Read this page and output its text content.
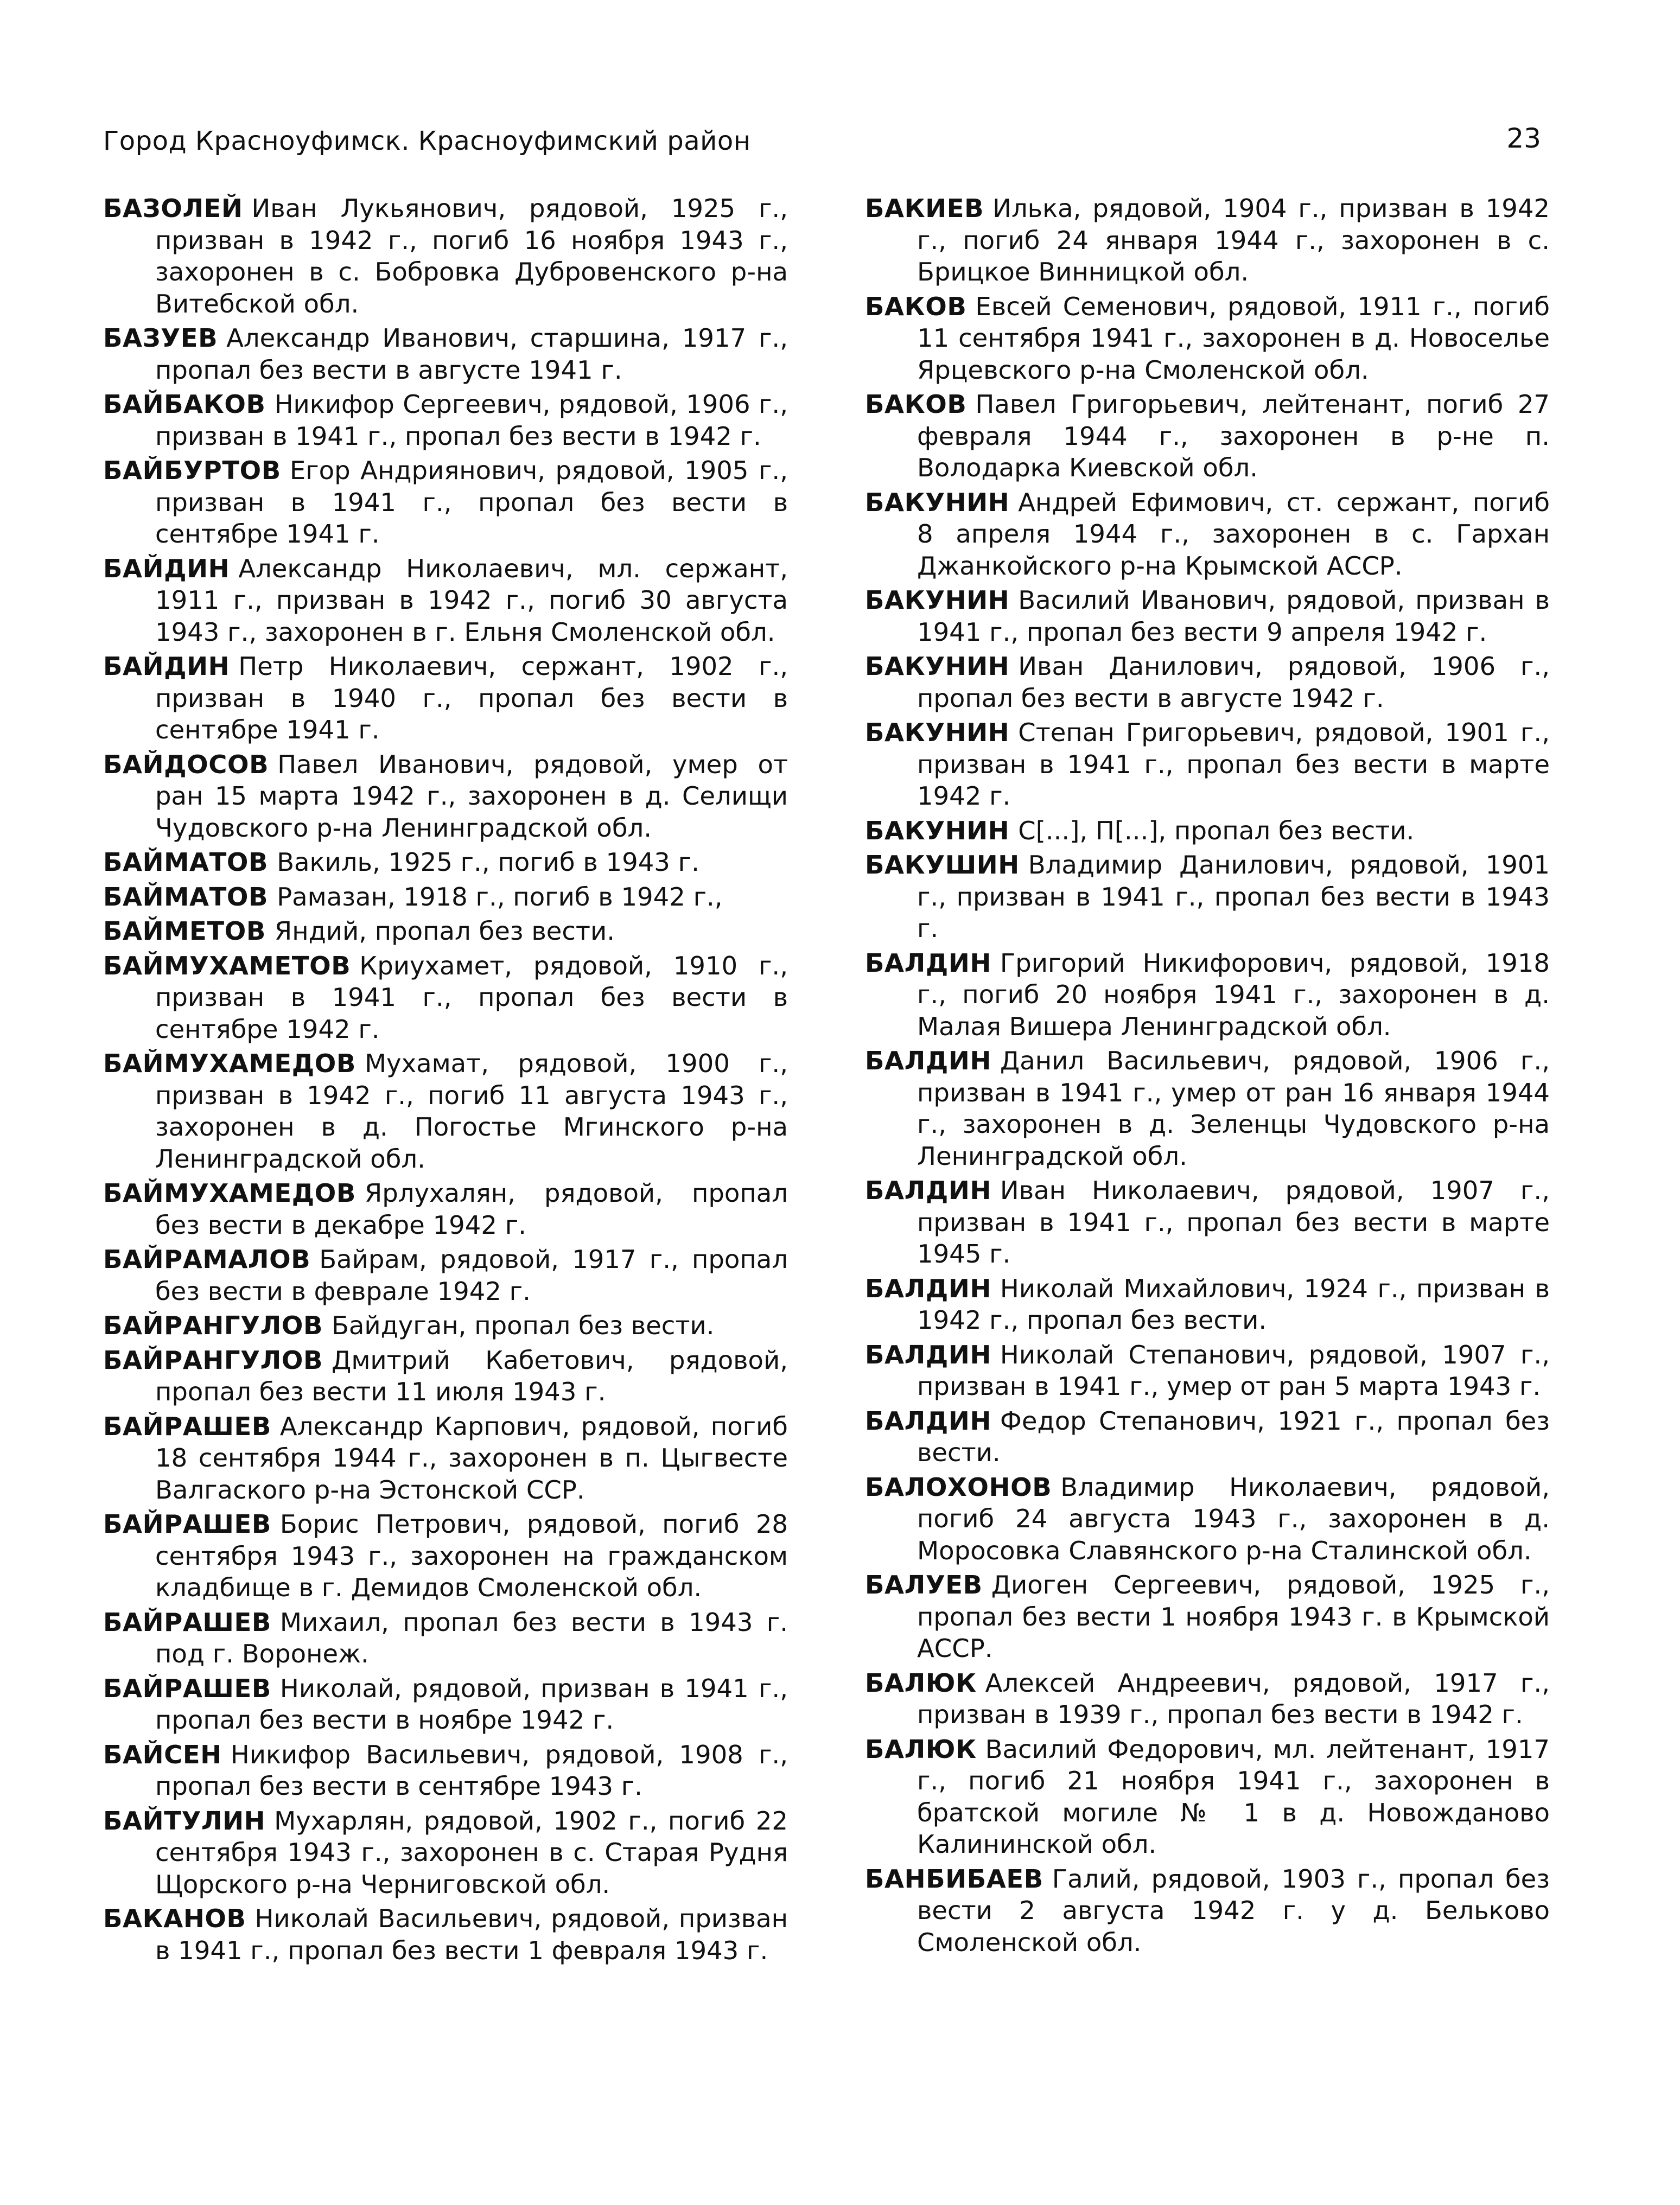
Город Красноуфимск. Красноуфимский район	23

БАЗОЛЕЙ Иван Лукьянович, рядовой, 1925 г., призван в 1942 г., погиб 16 ноября 1943 г., захоронен в с. Бобровка Дубровенского р-на Витебской обл.

БАЗУЕВ Александр Иванович, старшина, 1917 г., пропал без вести в августе 1941 г.

БАЙБАКОВ Никифор Сергеевич, рядовой, 1906 г., призван в 1941 г., пропал без вести в 1942 г.

БАЙБУРТОВ Егор Андриянович, рядовой, 1905 г., призван в 1941 г., пропал без вести в сентябре 1941 г.

БАЙДИН Александр Николаевич, мл. сержант, 1911 г., призван в 1942 г., погиб 30 августа 1943 г., захоронен в г. Ельня Смоленской обл.

БАЙДИН Петр Николаевич, сержант, 1902 г., призван в 1940 г., пропал без вести в сентябре 1941 г.

БАЙДОСОВ Павел Иванович, рядовой, умер от ран 15 марта 1942 г., захоронен в д. Селищи Чудовского р-на Ленинградской обл.

БАЙМАТОВ Вакиль, 1925 г., погиб в 1943 г.

БАЙМАТОВ Рамазан, 1918 г., погиб в 1942 г.,

БАЙМЕТОВ Яндий, пропал без вести.

БАЙМУХАМЕТОВ Криухамет, рядовой, 1910 г., призван в 1941 г., пропал без вести в сентябре 1942 г.

БАЙМУХАМЕДОВ Мухамат, рядовой, 1900 г., призван в 1942 г., погиб 11 августа 1943 г., захоронен в д. Погостье Мгинского р-на Ленинградской обл.

БАЙМУХАМЕДОВ Ярлухалян, рядовой, пропал без вести в декабре 1942 г.

БАЙРАМАЛОВ Байрам, рядовой, 1917 г., пропал без вести в феврале 1942 г.

БАЙРАНГУЛОВ Байдуган, пропал без вести.

БАЙРАНГУЛОВ Дмитрий Кабетович, рядовой, пропал без вести 11 июля 1943 г.

БАЙРАШЕВ Александр Карпович, рядовой, погиб 18 сентября 1944 г., захоронен в п. Цыгвесте Валгаского р-на Эстонской ССР.

БАЙРАШЕВ Борис Петрович, рядовой, погиб 28 сентября 1943 г., захоронен на гражданском кладбище в г. Демидов Смоленской обл.

БАЙРАШЕВ Михаил, пропал без вести в 1943 г. под г. Воронеж.

БАЙРАШЕВ Николай, рядовой, призван в 1941 г., пропал без вести в ноябре 1942 г.

БАЙСЕН Никифор Васильевич, рядовой, 1908 г., пропал без вести в сентябре 1943 г.

БАЙТУЛИН Мухарлян, рядовой, 1902 г., погиб 22 сентября 1943 г., захоронен в с. Старая Рудня Щорского р-на Черниговской обл.

БАКАНОВ Николай Васильевич, рядовой, призван в 1941 г., пропал без вести 1 февраля 1943 г.

БАКИЕВ Илька, рядовой, 1904 г., призван в 1942 г., погиб 24 января 1944 г., захоронен в с. Брицкое Винницкой обл.

БАКОВ Евсей Семенович, рядовой, 1911 г., погиб 11 сентября 1941 г., захоронен в д. Новоселье Ярцевского р-на Смоленской обл.

БАКОВ Павел Григорьевич, лейтенант, погиб 27 февраля 1944 г., захоронен в р-не п. Володарка Киевской обл.

БАКУНИН Андрей Ефимович, ст. сержант, погиб 8 апреля 1944 г., захоронен в с. Гархан Джанкойского р-на Крымской АССР.

БАКУНИН Василий Иванович, рядовой, призван в 1941 г., пропал без вести 9 апреля 1942 г.

БАКУНИН Иван Данилович, рядовой, 1906 г., пропал без вести в августе 1942 г.

БАКУНИН Степан Григорьевич, рядовой, 1901 г., призван в 1941 г., пропал без вести в марте 1942 г.

БАКУНИН С[...], П[...], пропал без вести.

БАКУШИН Владимир Данилович, рядовой, 1901 г., призван в 1941 г., пропал без вести в 1943 г.

БАЛДИН Григорий Никифорович, рядовой, 1918 г., погиб 20 ноября 1941 г., захоронен в д. Малая Вишера Ленинградской обл.

БАЛДИН Данил Васильевич, рядовой, 1906 г., призван в 1941 г., умер от ран 16 января 1944 г., захоронен в д. Зеленцы Чудовского р-на Ленинградской обл.

БАЛДИН Иван Николаевич, рядовой, 1907 г., призван в 1941 г., пропал без вести в марте 1945 г.

БАЛДИН Николай Михайлович, 1924 г., призван в 1942 г., пропал без вести.

БАЛДИН Николай Степанович, рядовой, 1907 г., призван в 1941 г., умер от ран 5 марта 1943 г.

БАЛДИН Федор Степанович, 1921 г., пропал без вести.

БАЛОХОНОВ Владимир Николаевич, рядовой, погиб 24 августа 1943 г., захоронен в д. Моросовка Славянского р-на Сталинской обл.

БАЛУЕВ Диоген Сергеевич, рядовой, 1925 г., пропал без вести 1 ноября 1943 г. в Крымской АССР.

БАЛЮК Алексей Андреевич, рядовой, 1917 г., призван в 1939 г., пропал без вести в 1942 г.

БАЛЮК Василий Федорович, мл. лейтенант, 1917 г., погиб 21 ноября 1941 г., захоронен в братской могиле № 1 в д. Новожданово Калининской обл.

БАНБИБАЕВ Галий, рядовой, 1903 г., пропал без вести 2 августа 1942 г. у д. Бельково Смоленской обл.
